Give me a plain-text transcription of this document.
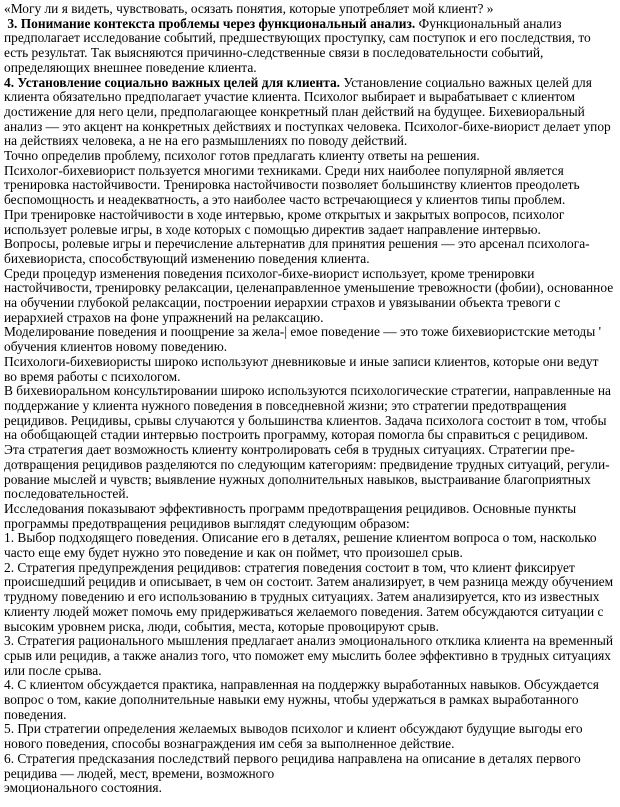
«Могу ли я видеть, чувствовать, осязать понятия, которые употребляет мой клиент? »

3. Понимание контекста проблемы через функциональный анализ. Функциональный анализ предполагает исследование событий, предшествующих проступку, сам поступок и его последствия, то есть результат. Так выясняются причинно-следственные связи в последовательности событий, определяющих внешнее поведение клиента.

4. Установление социально важных целей для клиента. Установление социально важных целей для клиента обязательно предполагает участие клиента. Психолог выбирает и вырабатывает с клиентом достижение для него цели, предполагающее конкретный план действий на будущее. Бихевиоральный анализ — это акцент на конкретных действиях и поступках человека. Психолог-бихе-виорист делает упор на действиях человека, а не на его размышлениях по поводу действий.

Точно определив проблему, психолог готов предлагать клиенту ответы на решения.

Психолог-бихевиорист пользуется многими техниками. Среди них наиболее популярной является тренировка настойчивости. Тренировка настойчивости позволяет большинству клиентов преодолеть беспомощность и неадекватность, а это наиболее часто встречающиеся у клиентов типы проблем.

При тренировке настойчивости в ходе интервью, кроме открытых и закрытых вопросов, психолог использует ролевые игры, в ходе которых с помощью директив задает направление интервью.

Вопросы, ролевые игры и перечисление альтернатив для принятия решения — это арсенал психолога-бихевиориста, способствующий изменению поведения клиента.

Среди процедур изменения поведения психолог-бихе-виорист использует, кроме тренировки настойчивости, тренировку релаксации, целенаправленное уменьшение тревожности (фобии), основанное на обучении глубокой релаксации, построении иерархии страхов и увязывании объекта тревоги с иерархией страхов на фоне упражнений на релаксацию.

Моделирование поведения и поощрение за жела-| емое поведение — это тоже бихевиористские методы ' обучения клиентов новому поведению.

Психологи-бихевиористы широко используют дневниковые и иные записи клиентов, которые они ведут во время работы с психологом.

В бихевиоральном консультировании широко используются психологические стратегии, направленные на поддержание у клиента нужного поведения в повседневной жизни; это стратегии предотвращения рецидивов. Рецидивы, срывы случаются у большинства клиентов. Задача психолога состоит в том, чтобы на обобщающей стадии интервью построить программу, которая помогла бы справиться с рецидивом.

Эта стратегия дает возможность клиенту контролировать себя в трудных ситуациях. Стратегии пре-дотвращения рецидивов разделяются по следующим категориям: предвидение трудных ситуаций, регули-рование мыслей и чувств; выявление нужных дополнительных навыков, выстраивание благоприятных последовательностей.

Исследования показывают эффективность программ предотвращения рецидивов. Основные пункты программы предотвращения рецидивов выглядят следующим образом:

1. Выбор подходящего поведения. Описание его в деталях, решение клиентом вопроса о том, насколько часто еще ему будет нужно это поведение и как он поймет, что произошел срыв.

2. Стратегия предупреждения рецидивов: стратегия поведения состоит в том, что клиент фиксирует происшедший рецидив и описывает, в чем он состоит. Затем анализирует, в чем разница между обучением трудному поведению и его использованию в трудных ситуациях. Затем анализируется, кто из известных клиенту людей может помочь ему придерживаться желаемого поведения. Затем обсуждаются ситуации с высоким уровнем риска, люди, события, места, которые провоцируют срыв.

3. Стратегия рационального мышления предлагает анализ эмоционального отклика клиента на временный срыв или рецидив, а также анализ того, что поможет ему мыслить более эффективно в трудных ситуациях или после срыва.

4. С клиентом обсуждается практика, направленная на поддержку выработанных навыков. Обсуждается вопрос о том, какие дополнительные навыки ему нужны, чтобы удержаться в рамках выработанного поведения.

5. При стратегии определения желаемых выводов психолог и клиент обсуждают будущие выгоды его нового поведения, способы вознаграждения им себя за выполненное действие.

6. Стратегия предсказания последствий первого рецидива направлена на описание в деталях первого рецидива — людей, мест, времени, возможного

эмоционального состояния.
